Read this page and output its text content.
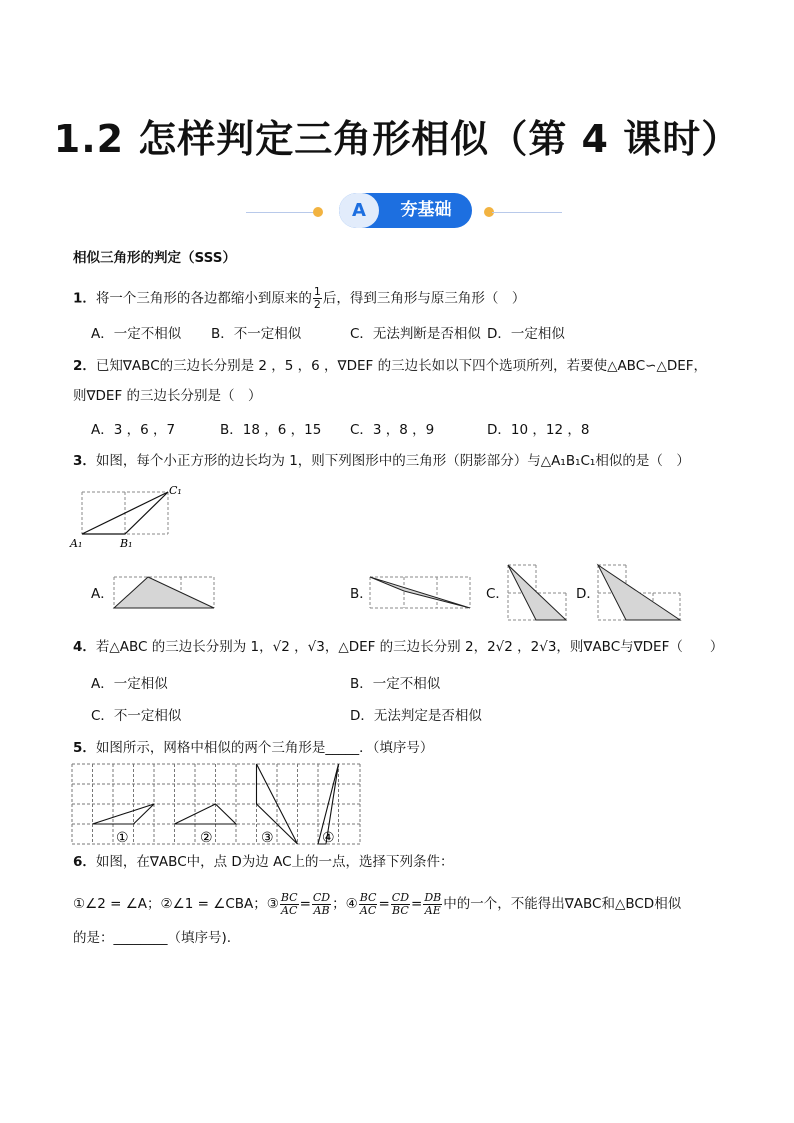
1.2 怎样判定三角形相似（第 4 课时）
A	夯基础
相似三角形的判定（SSS）
1．将一个三角形的各边都缩小到原来的 $\frac{1}{2}$ 后，得到三角形与原三角形（　）
A．一定不相似 B．不一定相似	C．无法判断是否相似 D．一定相似
2．已知∇ABC的三边长分别是 2 ，5 ，6 ，∇DEF 的三边长如以下四个选项所列，若要使△ABC∽△DEF，
则∇DEF 的三边长分别是（　）
A．3 ，6 ，7	B．18 ，6 ，15 C．3 ，8 ，9	D．10 ，12 ，8
3．如图，每个小正方形的边长均为 1，则下列图形中的三角形（阴影部分）与△A₁B₁C₁相似的是（　）
C₁
A₁	B₁
A．	B．	C．	D．
4．若△ABC 的三边长分别为 1，√2 ，√3，△DEF 的三边长分别 2，2√2 ，2√3，则∇ABC与∇DEF（　　）
A．一定相似	B．一定不相似
C．不一定相似	D．无法判定是否相似
5．如图所示，网格中相似的两个三角形是_____．（填序号）
①	②	③	④
6．如图，在∇ABC中，点 D为边 AC上的一点，选择下列条件：
①∠2 = ∠A；②∠1 = ∠CBA；③ $\frac{BC}{AC} = \frac{CD}{AB}$ ；④ $\frac{BC}{AC} = \frac{CD}{BC} = \frac{DB}{AE}$ 中的一个，不能得出∇ABC和△BCD相似
的是：________（填序号).
